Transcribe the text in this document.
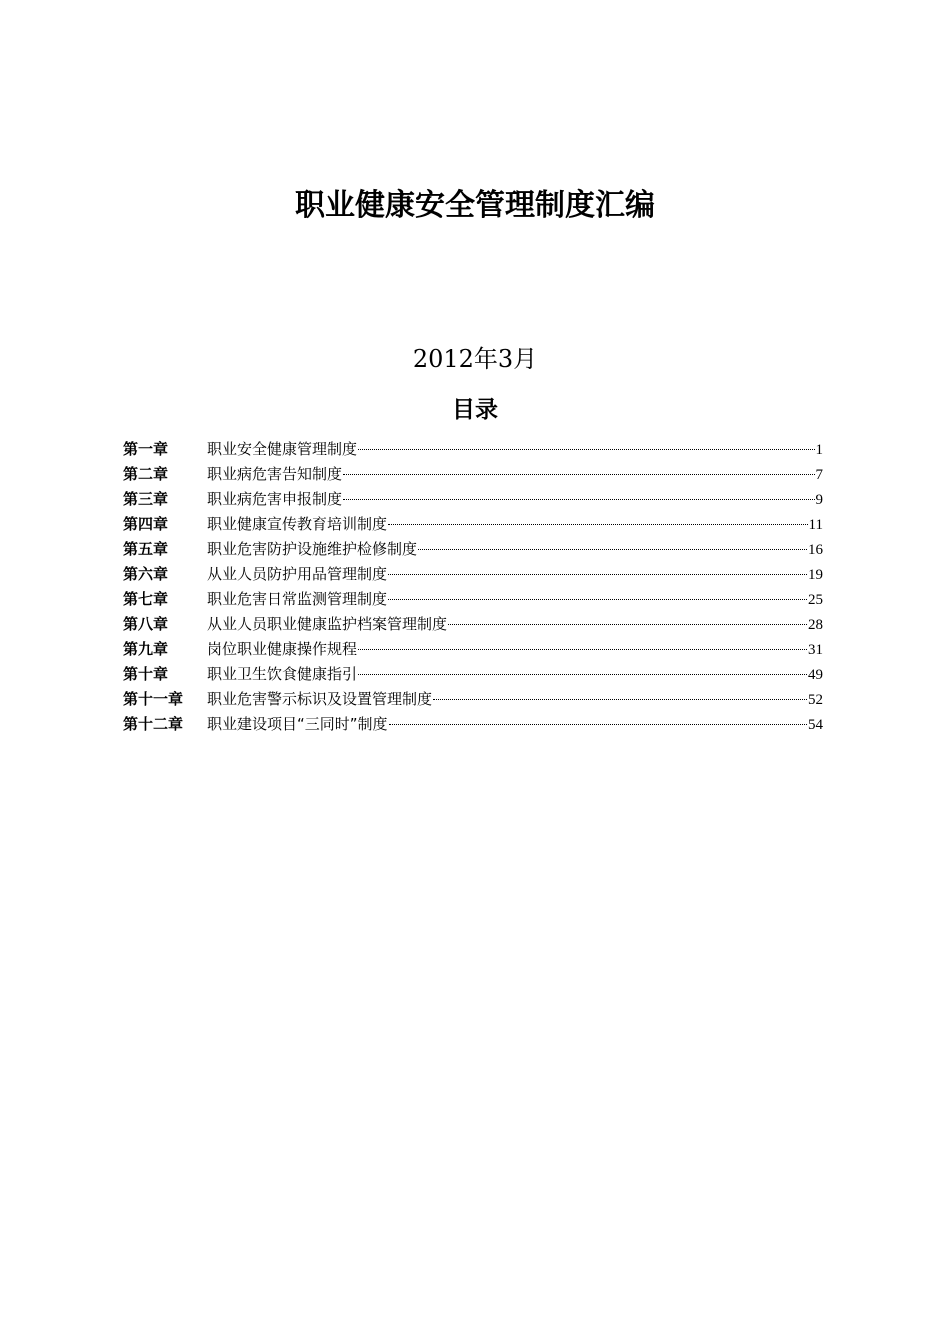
职业健康安全管理制度汇编
2012年3月
目录
第一章	职业安全健康管理制度	1
第二章	职业病危害告知制度	7
第三章	职业病危害申报制度	9
第四章	职业健康宣传教育培训制度	11
第五章	职业危害防护设施维护检修制度	16
第六章	从业人员防护用品管理制度	19
第七章	职业危害日常监测管理制度	25
第八章	从业人员职业健康监护档案管理制度	28
第九章	岗位职业健康操作规程	31
第十章	职业卫生饮食健康指引	49
第十一章	职业危害警示标识及设置管理制度	52
第十二章	职业建设项目“三同时”制度	54
